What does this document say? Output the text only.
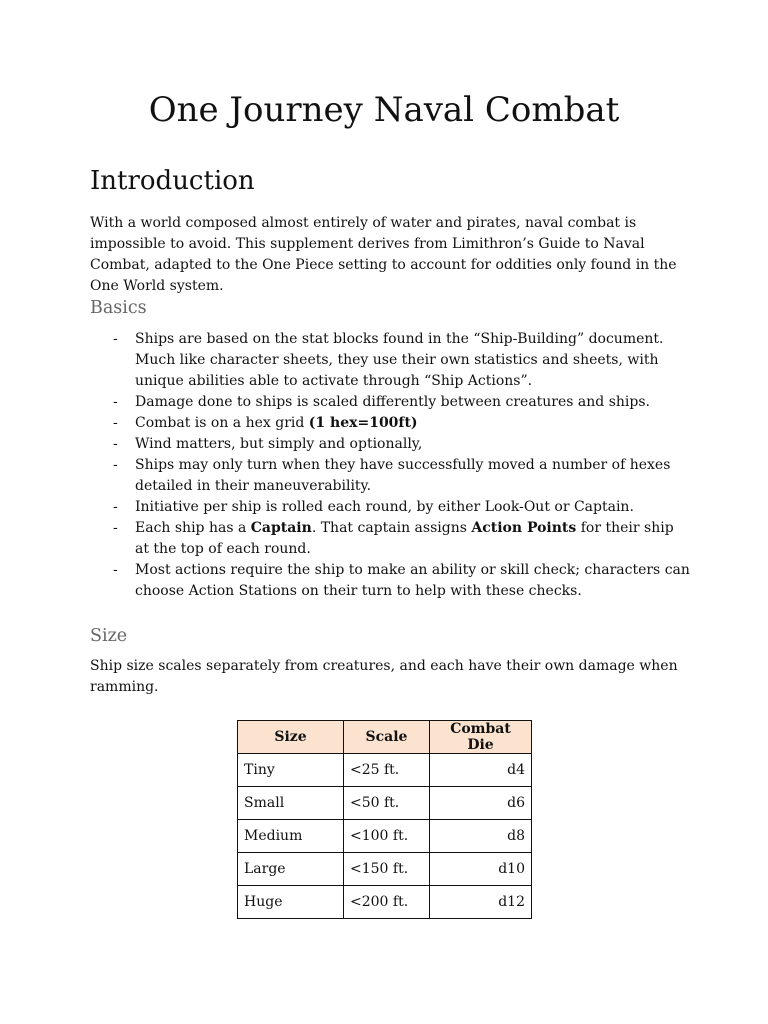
One Journey Naval Combat
Introduction

With a world composed almost entirely of water and pirates, naval combat is impossible to avoid. This supplement derives from Limithron’s Guide to Naval Combat, adapted to the One Piece setting to account for oddities only found in the One World system.

Basics
- Ships are based on the stat blocks found in the “Ship-Building” document. Much like character sheets, they use their own statistics and sheets, with unique abilities able to activate through “Ship Actions”.
- Damage done to ships is scaled differently between creatures and ships.
- Combat is on a hex grid (1 hex=100ft)
- Wind matters, but simply and optionally,
- Ships may only turn when they have successfully moved a number of hexes detailed in their maneuverability.
- Initiative per ship is rolled each round, by either Look-Out or Captain.
- Each ship has a Captain. That captain assigns Action Points for their ship at the top of each round.
- Most actions require the ship to make an ability or skill check; characters can choose Action Stations on their turn to help with these checks.
Size

Ship size scales separately from creatures, and each have their own damage when ramming.

Size	Scale	Combat Die
Tiny	<25 ft.	d4
Small	<50 ft.	d6
Medium	<100 ft.	d8
Large	<150 ft.	d10
Huge	<200 ft.	d12
